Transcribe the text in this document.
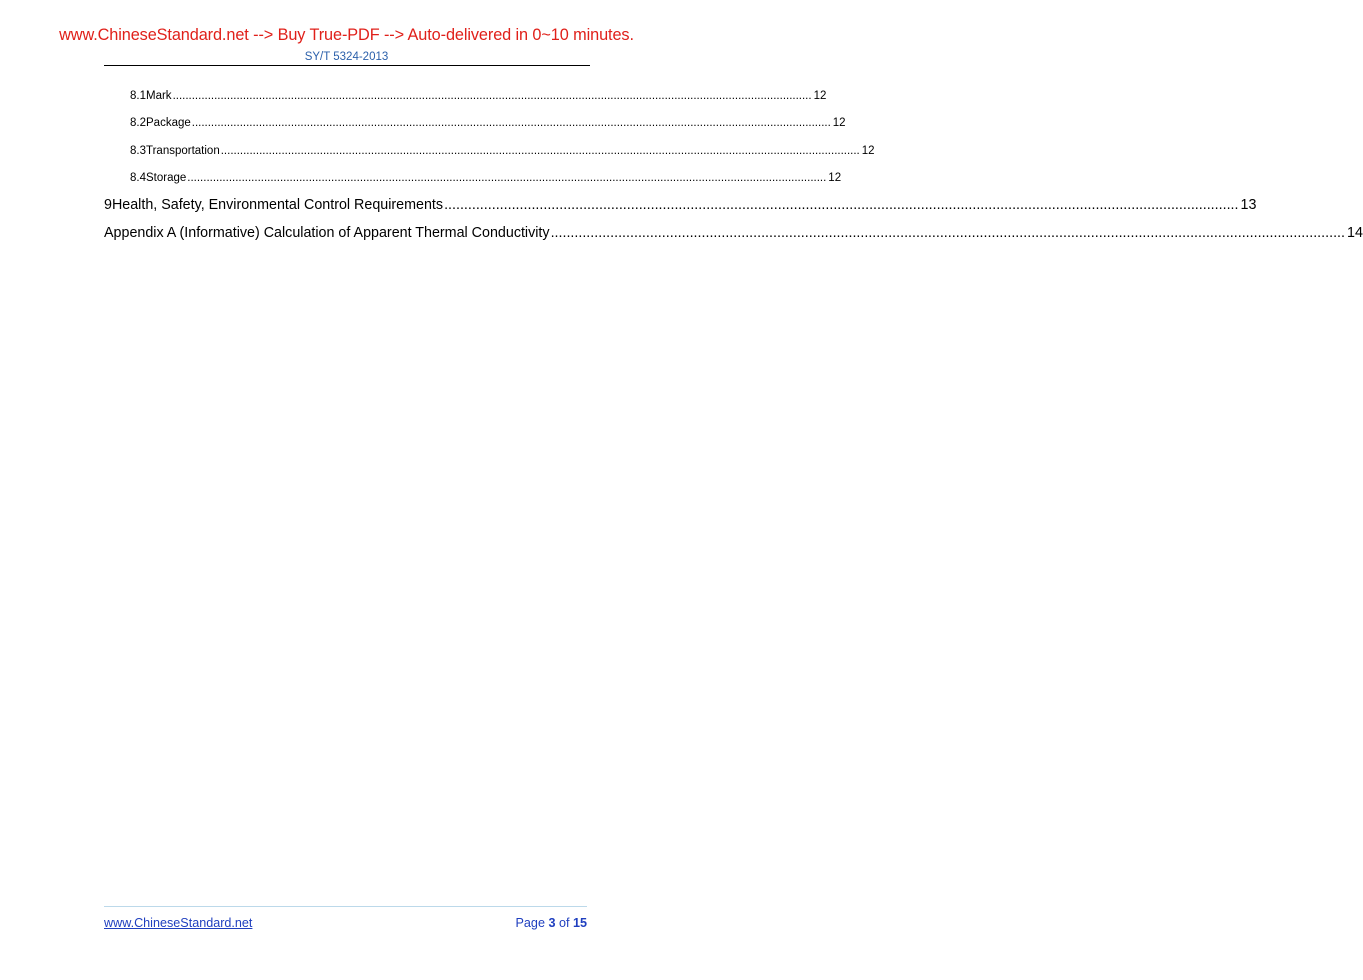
www.ChineseStandard.net --> Buy True-PDF --> Auto-delivered in 0~10 minutes.
SY/T 5324-2013
8.1 Mark ........................................................................................................................................................................................................ 12
8.2 Package ........................................................................................................................................................................................................ 12
8.3 Transportation ........................................................................................................................................................................................................ 12
8.4 Storage ........................................................................................................................................................................................................ 12
9 Health, Safety, Environmental Control Requirements ........................................................................................................................................................................................................ 13
Appendix A (Informative) Calculation of Apparent Thermal Conductivity ........................................................................................................................................................................................................ 14
www.ChineseStandard.net	Page 3 of 15
